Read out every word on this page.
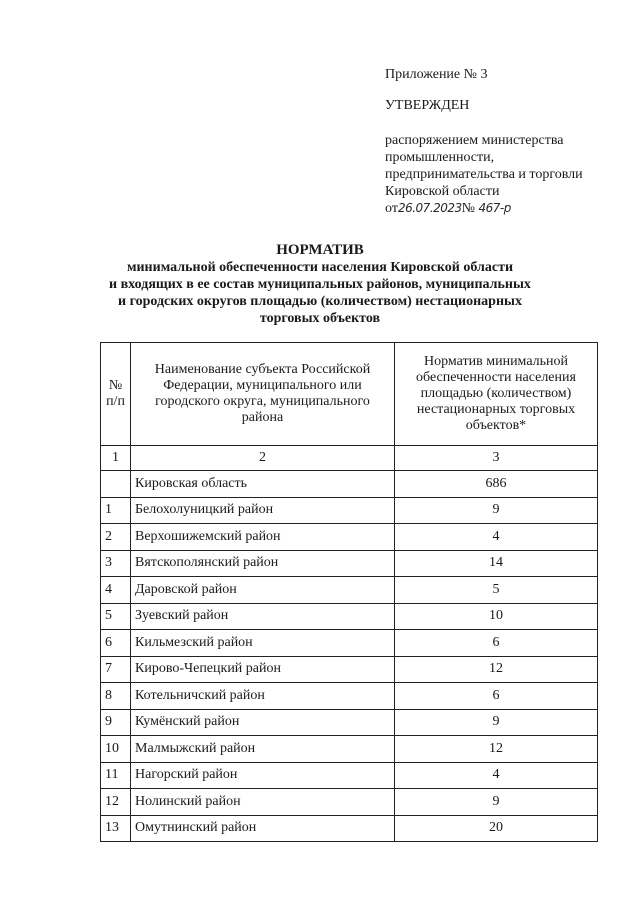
Приложение № 3
УТВЕРЖДЕН
распоряжением министерства
промышленности,
предпринимательства и торговли
Кировской области
от26.07.2023№ 467-р
НОРМАТИВ
минимальной обеспеченности населения Кировской области
и входящих в ее состав муниципальных районов, муниципальных
и городских округов площадью (количеством) нестационарных
торговых объектов
№ п/п	Наименование субъекта Российской Федерации, муниципального или городского округа, муниципального района	Норматив минимальной обеспеченности населения площадью (количеством) нестационарных торговых объектов*
1	2	3
	Кировская область	686
1	Белохолуницкий район	9
2	Верхошижемский район	4
3	Вятскополянский район	14
4	Даровской район	5
5	Зуевский район	10
6	Кильмезский район	6
7	Кирово-Чепецкий район	12
8	Котельничский район	6
9	Кумёнский район	9
10	Малмыжский район	12
11	Нагорский район	4
12	Нолинский район	9
13	Омутнинский район	20
